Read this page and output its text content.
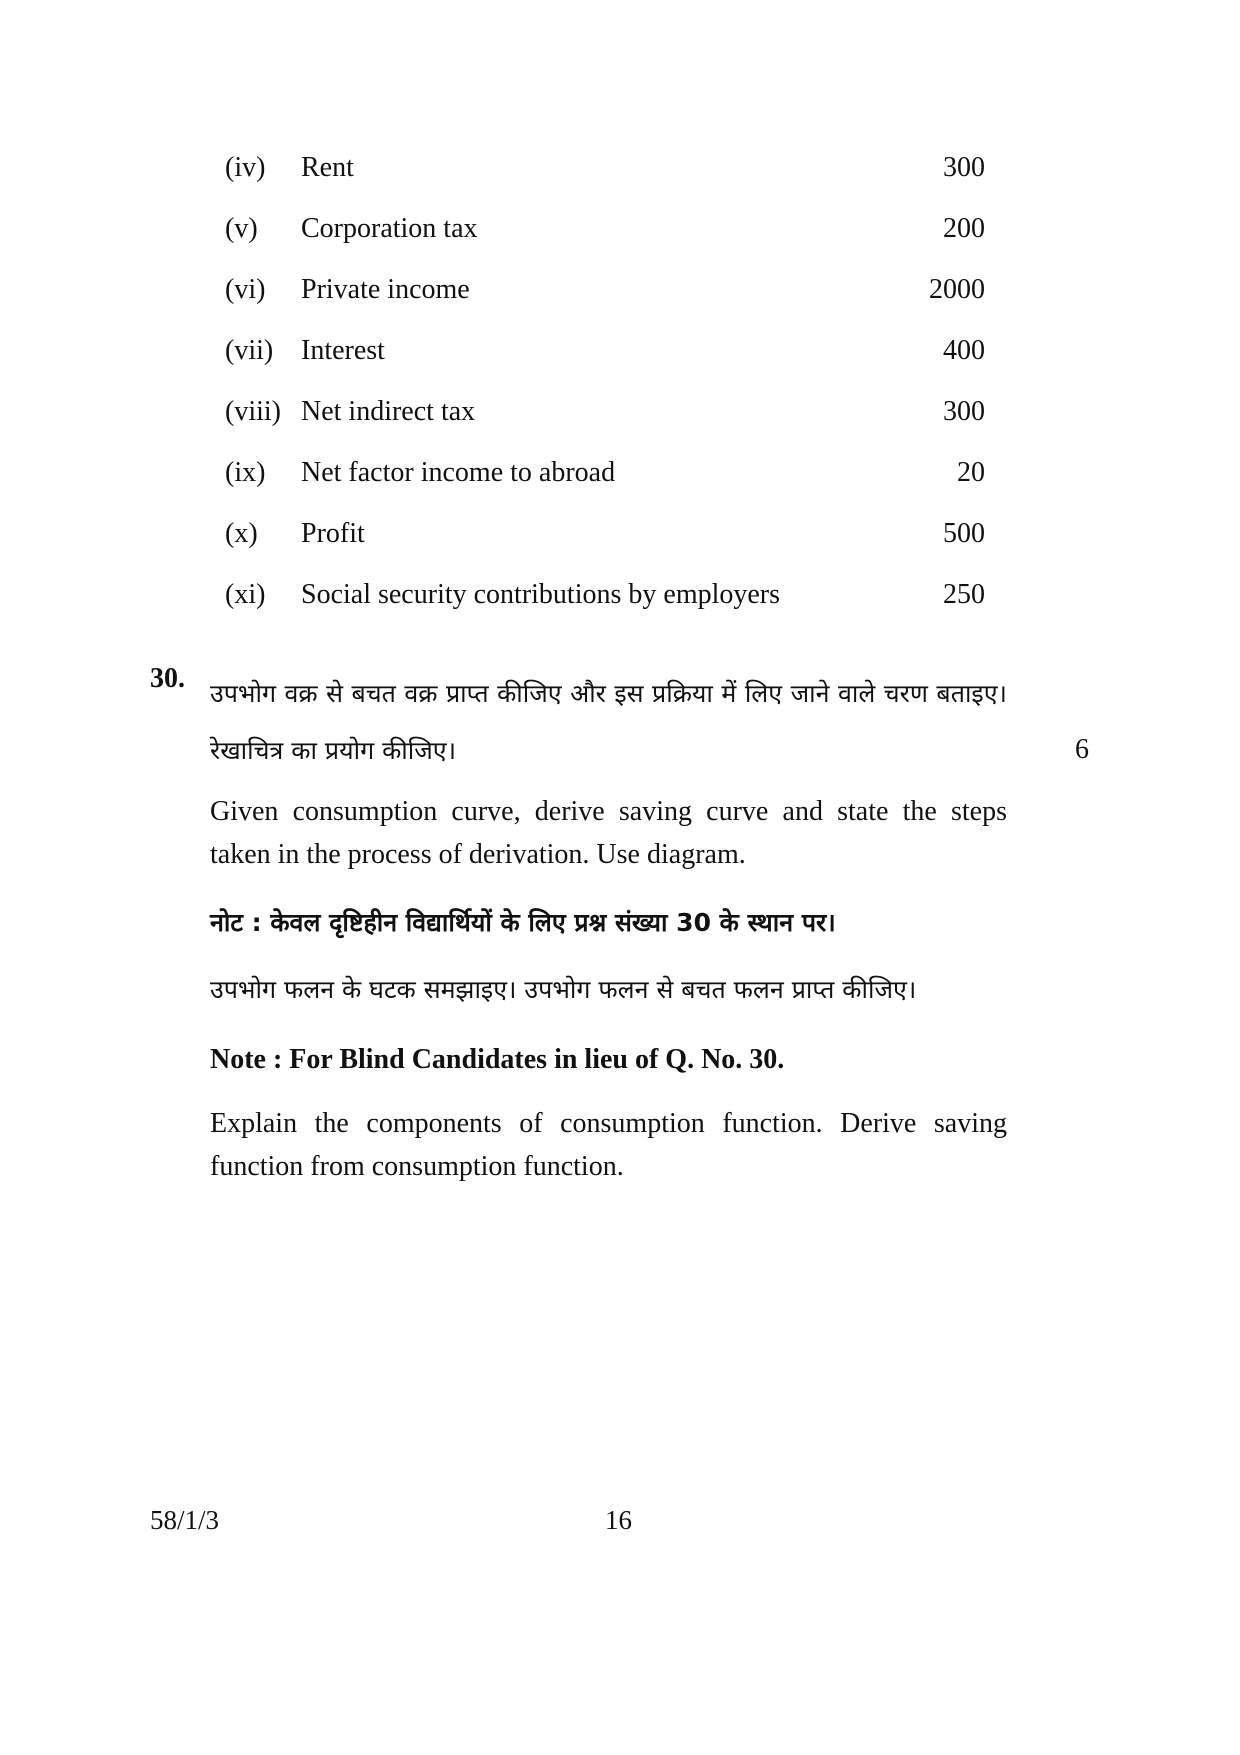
(iv) Rent	300
(v) Corporation tax	200
(vi) Private income	2000
(vii) Interest	400
(viii) Net indirect tax	300
(ix) Net factor income to abroad	20
(x) Profit	500
(xi) Social security contributions by employers	250
30. उपभोग वक्र से बचत वक्र प्राप्त कीजिए और इस प्रक्रिया में लिए जाने वाले चरण बताइए। रेखाचित्र का प्रयोग कीजिए।	6
Given consumption curve, derive saving curve and state the steps taken in the process of derivation. Use diagram.
नोट : केवल दृष्टिहीन विद्यार्थियों के लिए प्रश्न संख्या 30 के स्थान पर।
उपभोग फलन के घटक समझाइए। उपभोग फलन से बचत फलन प्राप्त कीजिए।
Note : For Blind Candidates in lieu of Q. No. 30.
Explain the components of consumption function. Derive saving function from consumption function.
58/1/3	16
